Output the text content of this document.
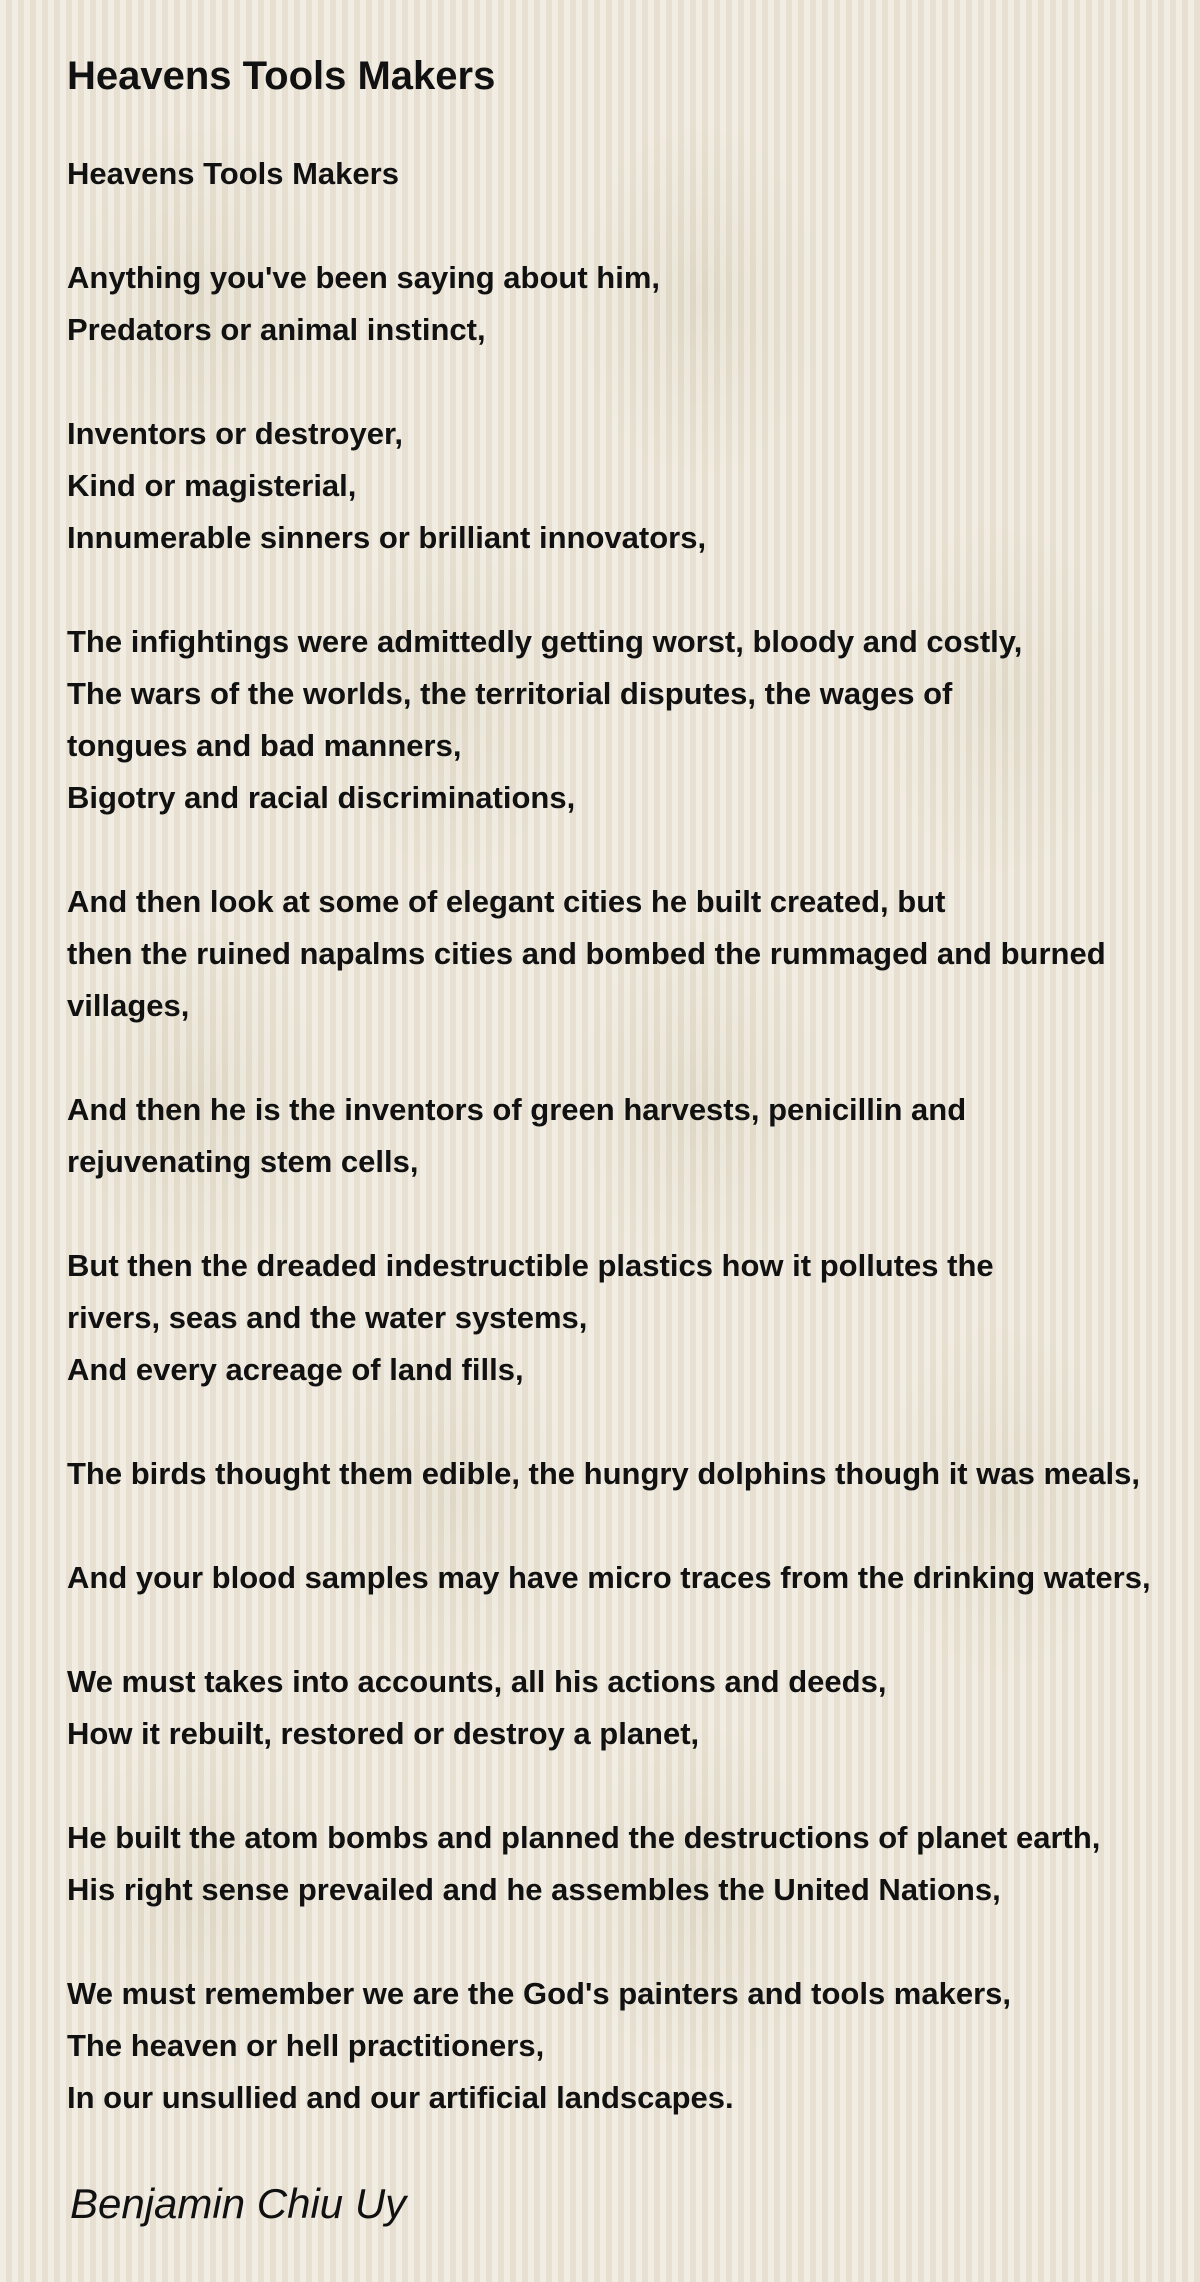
Heavens Tools Makers
Heavens Tools Makers
Anything you've been saying about him,
Predators or animal instinct,
Inventors or destroyer,
Kind or magisterial,
Innumerable sinners or brilliant innovators,
The infightings were admittedly getting worst, bloody and costly,
The wars of the worlds, the territorial disputes, the wages of
tongues and bad manners,
Bigotry and racial discriminations,
And then look at some of elegant cities he built created, but
then the ruined napalms cities and bombed the rummaged and burned
villages,
And then he is the inventors of green harvests, penicillin and
rejuvenating stem cells,
But then the dreaded indestructible plastics how it pollutes the
rivers, seas and the water systems,
And every acreage of land fills,
The birds thought them edible, the hungry dolphins though it was meals,
And your blood samples may have micro traces from the drinking waters,
We must takes into accounts, all his actions and deeds,
How it rebuilt, restored or destroy a planet,
He built the atom bombs and planned the destructions of planet earth,
His right sense prevailed and he assembles the United Nations,
We must remember we are the God's painters and tools makers,
The heaven or hell practitioners,
In our unsullied and our artificial landscapes.

Benjamin Chiu Uy
